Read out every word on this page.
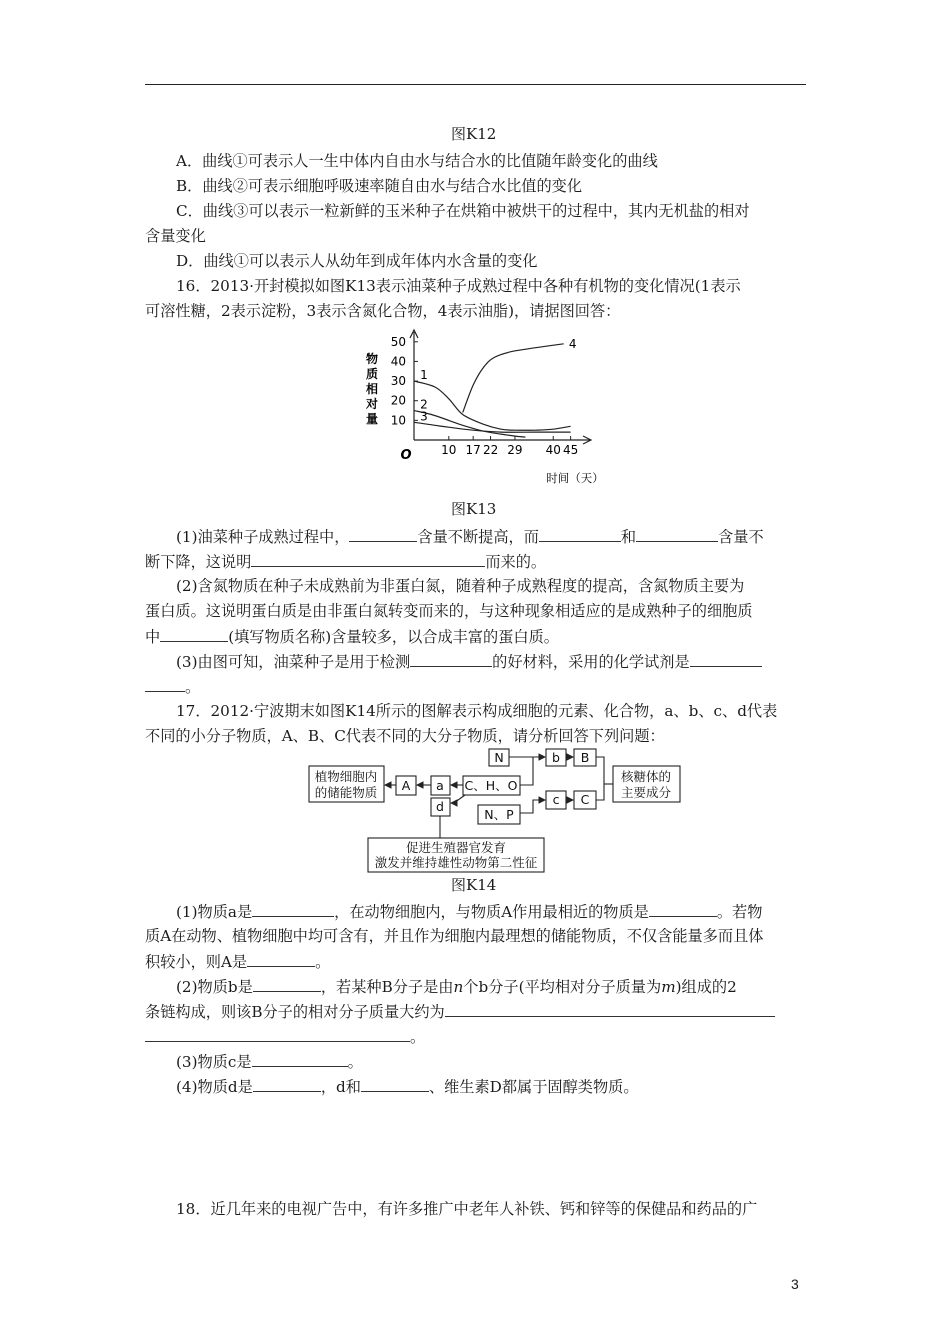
图K12
A．曲线①可表示人一生中体内自由水与结合水的比值随年龄变化的曲线
B．曲线②可表示细胞呼吸速率随自由水与结合水比值的变化
C．曲线③可以表示一粒新鲜的玉米种子在烘箱中被烘干的过程中，其内无机盐的相对
含量变化
D．曲线①可以表示人从幼年到成年体内水含量的变化
16．2013·开封模拟如图K13表示油菜种子成熟过程中各种有机物的变化情况(1表示
可溶性糖，2表示淀粉，3表示含氮化合物，4表示油脂)，请据图回答：
物
质
相
对
量
O
10
20
30
40
50
10 17 22 29 40 45
1
2
3
4
时间（天）
图K13
(1)油菜种子成熟过程中，	含量不断提高，而	和	含量不
断下降，这说明	而来的。
(2)含氮物质在种子未成熟前为非蛋白氮，随着种子成熟程度的提高，含氮物质主要为
蛋白质。这说明蛋白质是由非蛋白氮转变而来的，与这种现象相适应的是成熟种子的细胞质
中	(填写物质名称)含量较多，以合成丰富的蛋白质。
(3)由图可知，油菜种子是用于检测	的好材料，采用的化学试剂是
。
17．2012·宁波期末如图K14所示的图解表示构成细胞的元素、化合物，a、b、c、d代表
不同的小分子物质，A、B、C代表不同的大分子物质，请分析回答下列问题：
植物细胞内
的储能物质 A a C、H、O
N	b B
d
N、P
c C
核糖体的
主要成分
促进生殖器官发育
激发并维持雄性动物第二性征
图K14
(1)物质a是	，在动物细胞内，与物质A作用最相近的物质是	。若物
质A在动物、植物细胞中均可含有，并且作为细胞内最理想的储能物质，不仅含能量多而且体
积较小，则A是	。
(2)物质b是	，若某种B分子是由n个b分子(平均相对分子质量为m)组成的2
条链构成，则该B分子的相对分子质量大约为
。
(3)物质c是	。
(4)物质d是	，d和	、维生素D都属于固醇类物质。
18．近几年来的电视广告中，有许多推广中老年人补铁、钙和锌等的保健品和药品的广
3
